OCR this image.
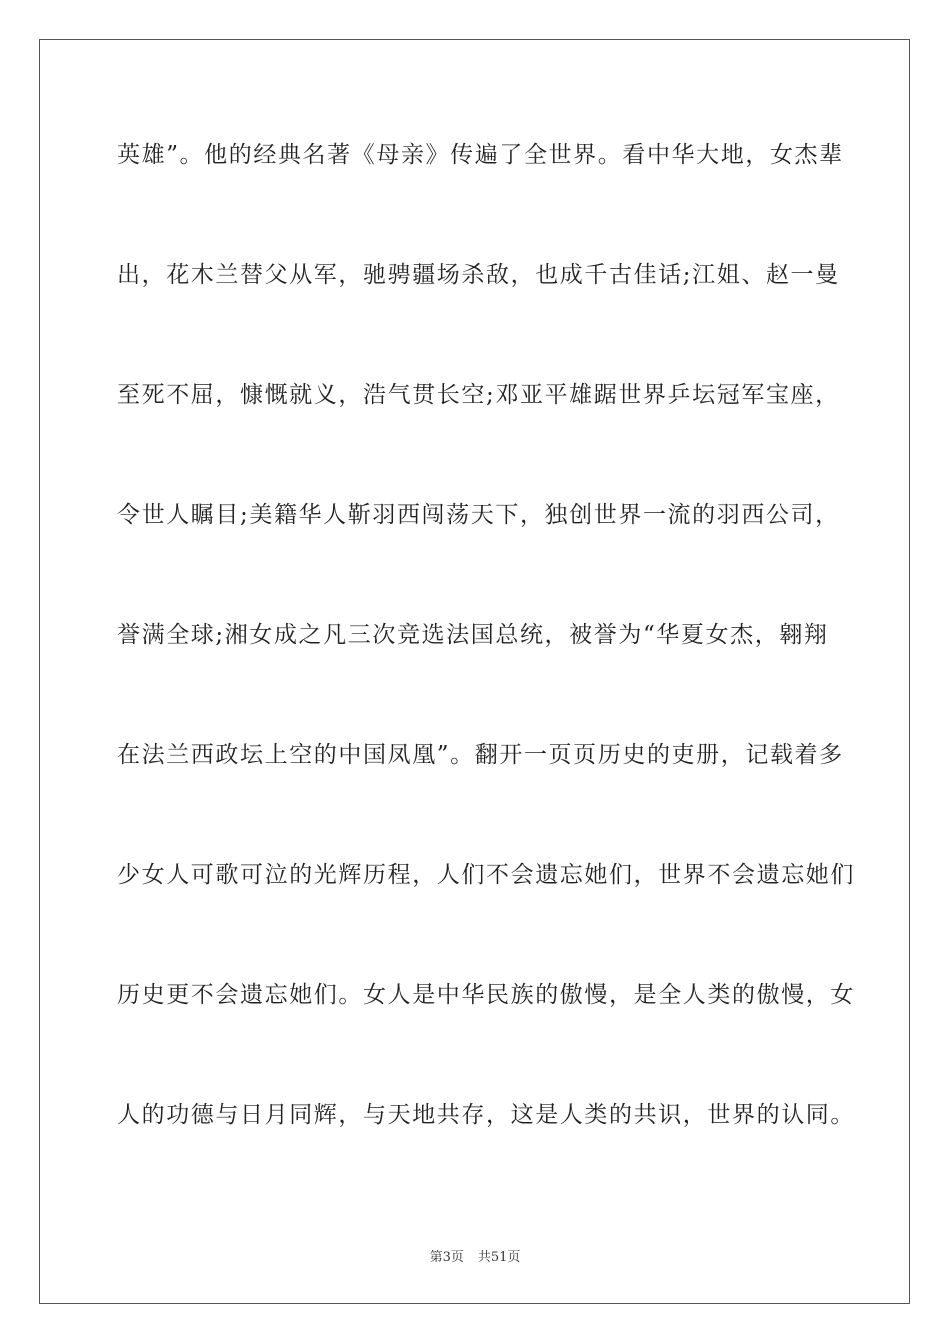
英雄”。他的经典名著《母亲》传遍了全世界。看中华大地，女杰辈
出，花木兰替父从军，驰骋疆场杀敌，也成千古佳话;江姐、赵一曼
至死不屈，慷慨就义，浩气贯长空;邓亚平雄踞世界乒坛冠军宝座，
令世人瞩目;美籍华人靳羽西闯荡天下，独创世界一流的羽西公司，
誉满全球;湘女成之凡三次竞选法国总统，被誉为“华夏女杰，翱翔
在法兰西政坛上空的中国凤凰”。翻开一页页历史的吏册，记载着多
少女人可歌可泣的光辉历程，人们不会遗忘她们，世界不会遗忘她们
历史更不会遗忘她们。女人是中华民族的傲慢，是全人类的傲慢，女
人的功德与日月同辉，与天地共存，这是人类的共识，世界的认同。
第3页 共51页
